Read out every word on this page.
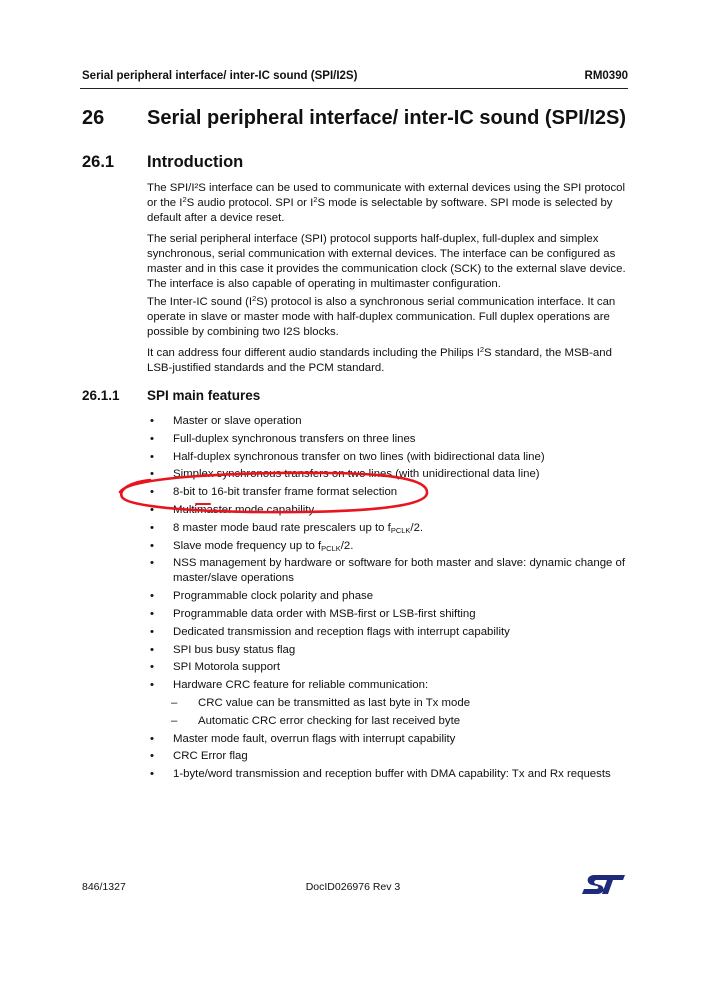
Serial peripheral interface/ inter-IC sound (SPI/I2S)	RM0390
26 Serial peripheral interface/ inter-IC sound (SPI/I2S)
26.1 Introduction

The SPI/I²S interface can be used to communicate with external devices using the SPI protocol or the $I^2S$ audio protocol. SPI or $I^2S$ mode is selectable by software. SPI mode is selected by default after a device reset.

The serial peripheral interface (SPI) protocol supports half-duplex, full-duplex and simplex synchronous, serial communication with external devices. The interface can be configured as master and in this case it provides the communication clock (SCK) to the external slave device. The interface is also capable of operating in multimaster configuration.

The Inter-IC sound $(I^2S)$ protocol is also a synchronous serial communication interface. It can operate in slave or master mode with half-duplex communication. Full duplex operations are possible by combining two I2S blocks.

It can address four different audio standards including the Philips $I^2S$ standard, the MSB-and LSB-justified standards and the PCM standard.

26.1.1 SPI main features
• Master or slave operation
• Full-duplex synchronous transfers on three lines
• Half-duplex synchronous transfer on two lines (with bidirectional data line)
• Simplex synchronous transfers on two lines (with unidirectional data line)
• 8-bit to 16-bit transfer frame format selection
• Multimaster mode capability
• 8 master mode baud rate prescalers up to $f_{PCLK}/2$.
• Slave mode frequency up to $f_{PCLK}/2$.
• NSS management by hardware or software for both master and slave: dynamic change of master/slave operations
• Programmable clock polarity and phase
• Programmable data order with MSB-first or LSB-first shifting
• Dedicated transmission and reception flags with interrupt capability
• SPI bus busy status flag
• SPI Motorola support
• Hardware CRC feature for reliable communication:
– CRC value can be transmitted as last byte in Tx mode
– Automatic CRC error checking for last received byte
• Master mode fault, overrun flags with interrupt capability
• CRC Error flag
• 1-byte/word transmission and reception buffer with DMA capability: Tx and Rx requests
846/1327	DocID026976 Rev 3
